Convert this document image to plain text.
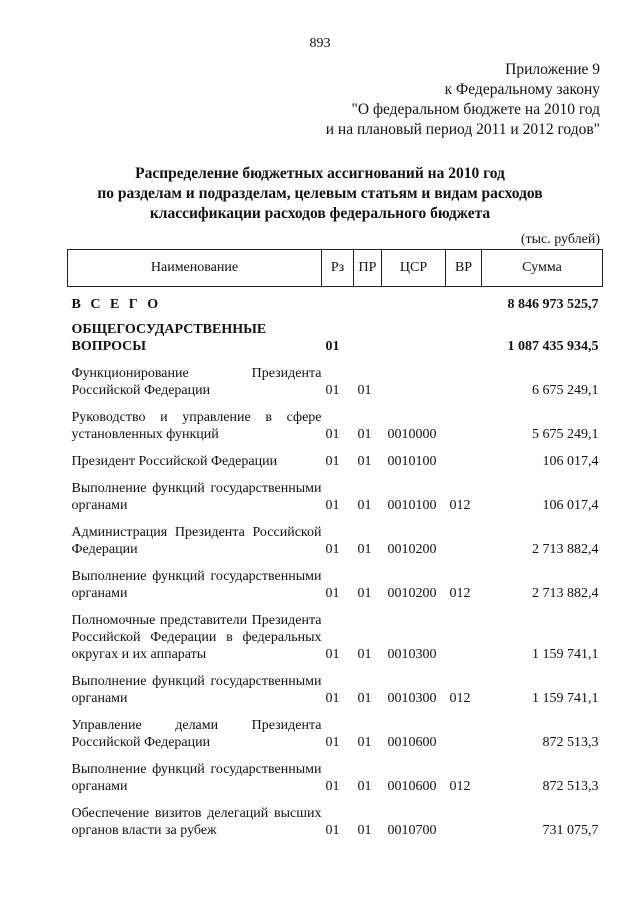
893
Приложение 9
к Федеральному закону
"О федеральном бюджете на 2010 год
и на плановый период 2011 и 2012 годов"
Распределение бюджетных ассигнований на 2010 год
по разделам и подразделам, целевым статьям и видам расходов
классификации расходов федерального бюджета
(тыс. рублей)
Наименование	Рз	ПР	ЦСР	ВР	Сумма
В С Е Г О					8 846 973 525,7
ОБЩЕГОСУДАРСТВЕННЫЕ ВОПРОСЫ	01				1 087 435 934,5

Функционирование Президента Российской Федерации	01	01			6 675 249,1

Руководство и управление в сфере установленных функций	01	01	0010000		5 675 249,1

Президент Российской Федерации	01	01	0010100		106 017,4

Выполнение функций государственными органами	01	01	0010100	012	106 017,4

Администрация Президента Российской Федерации	01	01	0010200		2 713 882,4

Выполнение функций государственными органами	01	01	0010200	012	2 713 882,4

Полномочные представители Президента Российской Федерации в федеральных округах и их аппараты	01	01	0010300		1 159 741,1

Выполнение функций государственными органами	01	01	0010300	012	1 159 741,1

Управление делами Президента Российской Федерации	01	01	0010600		872 513,3

Выполнение функций государственными органами	01	01	0010600	012	872 513,3

Обеспечение визитов делегаций высших органов власти за рубеж	01	01	0010700		731 075,7
